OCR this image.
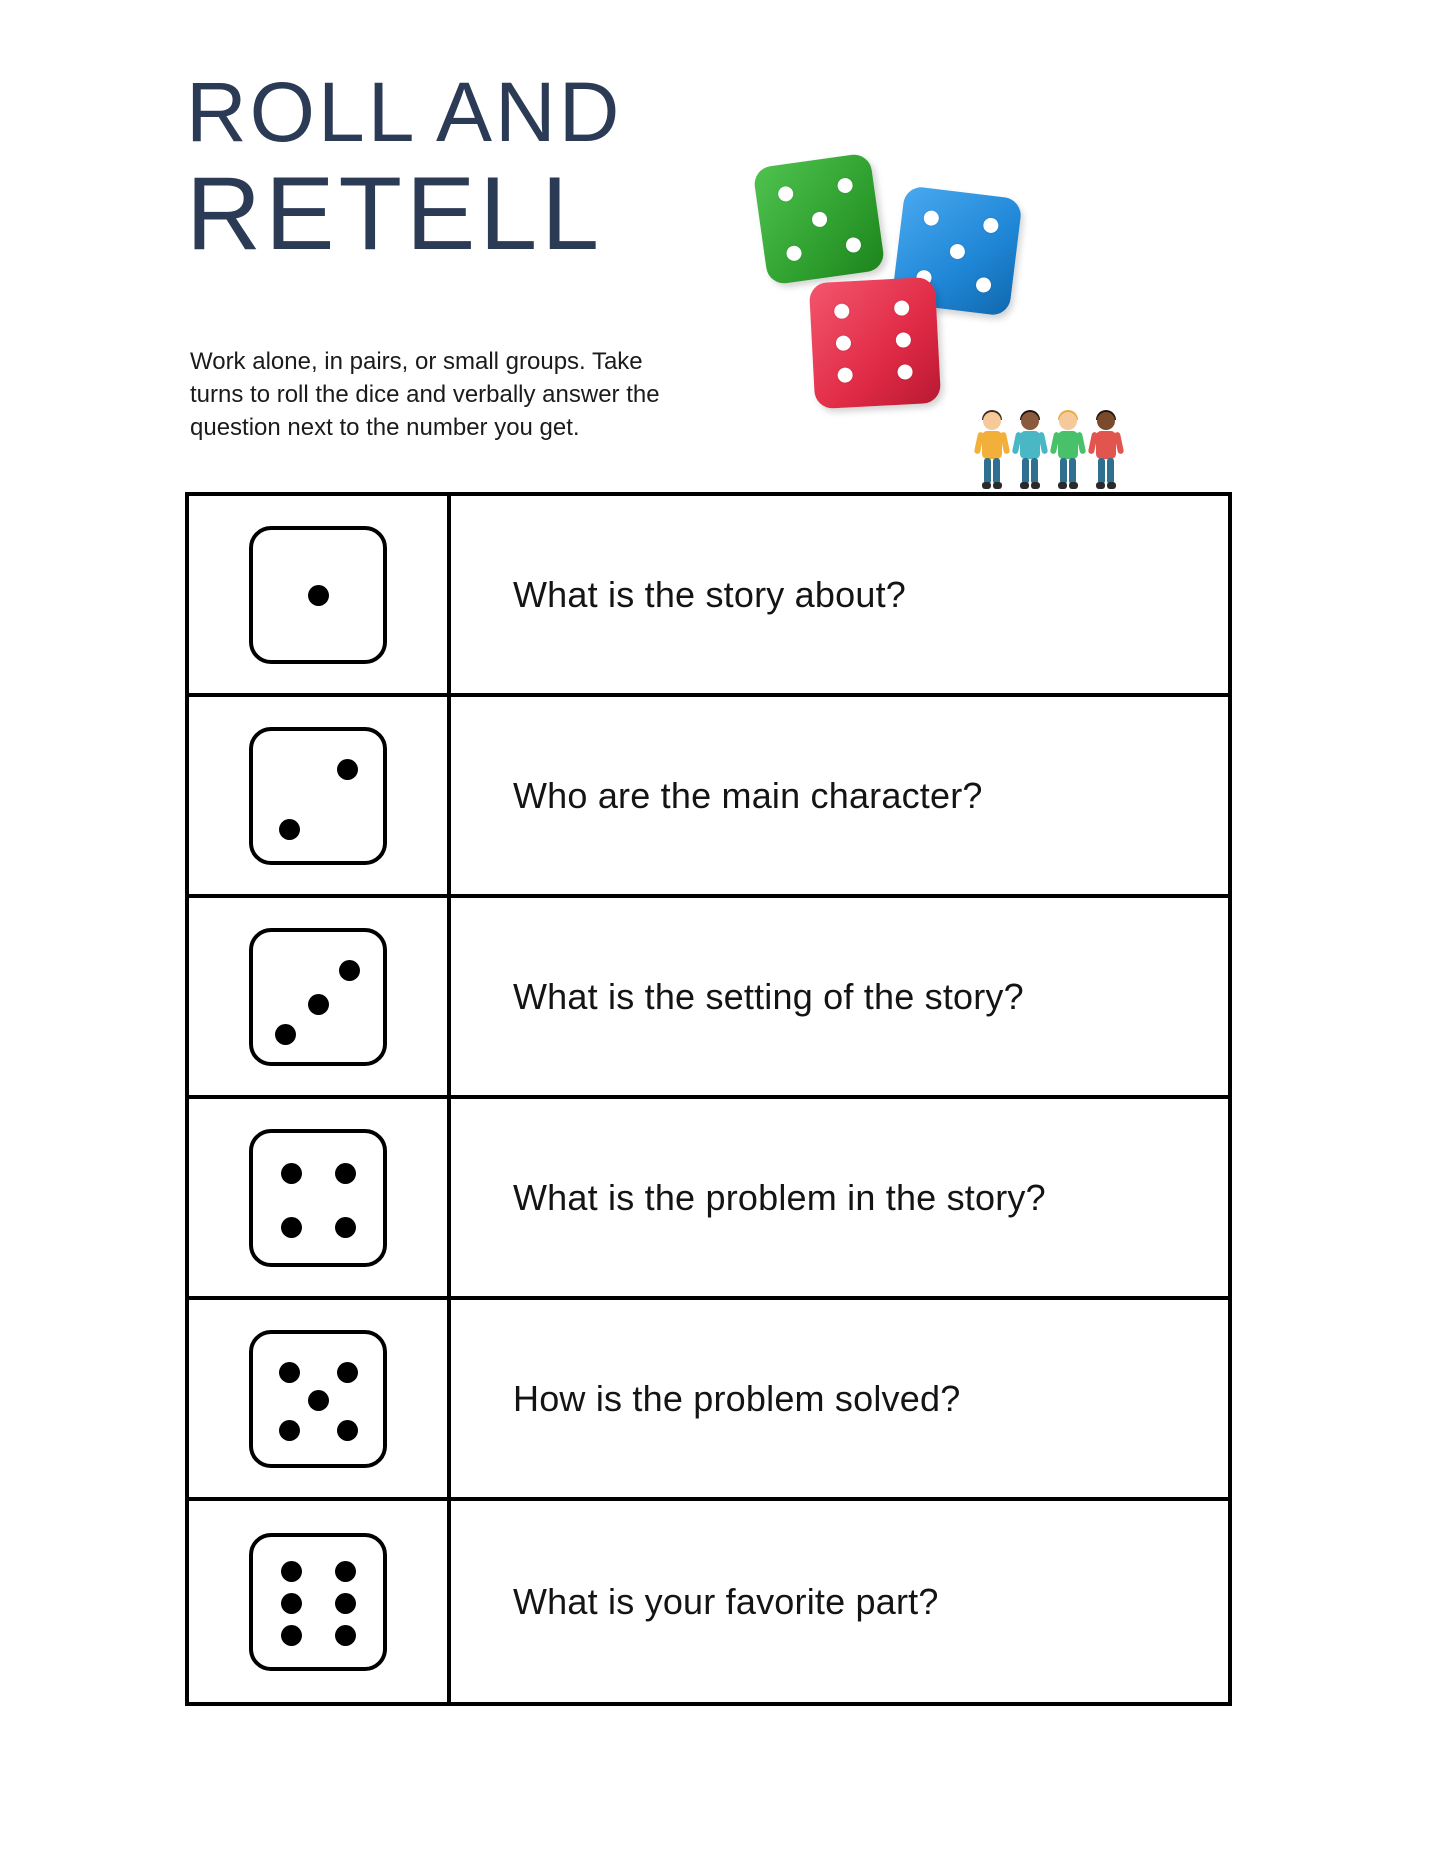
ROLL AND
RETELL
Work alone, in pairs, or small groups. Take turns to roll the dice and verbally answer the question next to the number you get.
What is the story about?
Who are the main character?
What is the setting of the story?
What is the problem in the story?
How is the problem solved?
What is your favorite part?
